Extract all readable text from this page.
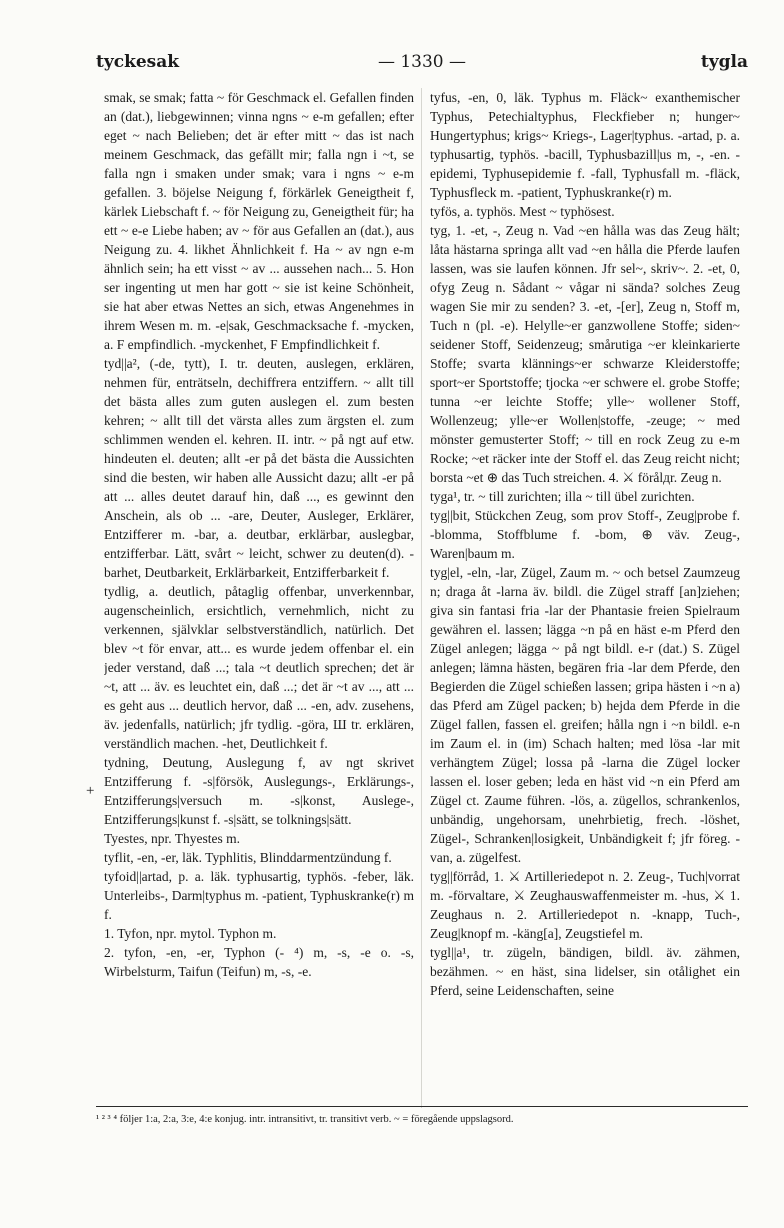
tyckesak	— 1330 —	tygla

smak, se smak; fatta ~ för Geschmack el. Gefallen finden an (dat.), liebgewinnen; vinna ngns ~ e-m gefallen; efter eget ~ nach Belieben; det är efter mitt ~ das ist nach meinem Geschmack, das gefällt mir; falla ngn i ~t, se falla ngn i smaken under smak; vara i ngns ~ e-m gefallen. 3. böjelse Neigung f, förkärlek Geneigtheit f, kärlek Liebschaft f. ~ för Neigung zu, Geneigtheit für; ha ett ~ e-e Liebe haben; av ~ för aus Gefallen an (dat.), aus Neigung zu. 4. likhet Ähnlichkeit f. Ha ~ av ngn e-m ähnlich sein; ha ett visst ~ av ... aussehen nach... 5. Hon ser ingenting ut men har gott ~ sie ist keine Schönheit, sie hat aber etwas Nettes an sich, etwas Angenehmes in ihrem Wesen m. m. -e|sak, Geschmacksache f. -mycken, a. F empfindlich. -myckenhet, F Empfindlichkeit f.

tyd||a², (-de, tytt), I. tr. deuten, auslegen, erklären, nehmen für, enträtseln, dechiffrera entziffern. ~ allt till det bästa alles zum guten auslegen el. zum besten kehren; ~ allt till det värsta alles zum ärgsten el. zum schlimmen wenden el. kehren. II. intr. ~ på ngt auf etw. hindeuten el. deuten; allt -er på det bästa die Aussichten sind die besten, wir haben alle Aussicht dazu; allt -er på att ... alles deutet darauf hin, daß ..., es gewinnt den Anschein, als ob ... -are, Deuter, Ausleger, Erklärer, Entzifferer m. -bar, a. deutbar, erklärbar, auslegbar, entzifferbar. Lätt, svårt ~ leicht, schwer zu deuten(d). -barhet, Deutbarkeit, Erklärbarkeit, Entzifferbarkeit f.

tydlig, a. deutlich, påtaglig offenbar, unverkennbar, augenscheinlich, ersichtlich, vernehmlich, nicht zu verkennen, självklar selbstverständlich, natürlich. Det blev ~t för envar, att... es wurde jedem offenbar el. ein jeder verstand, daß ...; tala ~t deutlich sprechen; det är ~t, att ... äv. es leuchtet ein, daß ...; det är ~t av ..., att ... es geht aus ... deutlich hervor, daß ... -en, adv. zusehens, äv. jedenfalls, natürlich; jfr tydlig. -göra, Ш tr. erklären, verständlich machen. -het, Deutlichkeit f.

tydning, Deutung, Auslegung f, av ngt skrivet Entzifferung f. -s|försök, Auslegungs-, Erklärungs-, Entzifferungs|versuch m. -s|konst, Auslege-, Entzifferungs|kunst f. -s|sätt, se tolknings|sätt.

Tyestes, npr. Thyestes m.

tyflit, -en, -er, läk. Typhlitis, Blinddarmentzündung f.

tyfoid||artad, p. a. läk. typhusartig, typhös. -feber, läk. Unterleibs-, Darm|typhus m. -patient, Typhuskranke(r) m f.

1. Tyfon, npr. mytol. Typhon m.

2. tyfon, -en, -er, Typhon (- ⁴) m, -s, -e o. -s, Wirbelsturm, Taifun (Teifun) m, -s, -e.

+

tyfus, -en, 0, läk. Typhus m. Fläck~ exanthemischer Typhus, Petechialtyphus, Fleckfieber n; hunger~ Hungertyphus; krigs~ Kriegs-, Lager|typhus. -artad, p. a. typhusartig, typhös. -bacill, Typhusbazill|us m, -, -en. -epidemi, Typhusepidemie f. -fall, Typhusfall m. -fläck, Typhusfleck m. -patient, Typhuskranke(r) m.

tyfös, a. typhös. Mest ~ typhösest.

tyg, 1. -et, -, Zeug n. Vad ~en hålla was das Zeug hält; låta hästarna springa allt vad ~en hålla die Pferde laufen lassen, was sie laufen können. Jfr sel~, skriv~. 2. -et, 0, ofyg Zeug n. Sådant ~ vågar ni sända? solches Zeug wagen Sie mir zu senden? 3. -et, -[er], Zeug n, Stoff m, Tuch n (pl. -e). Helylle~er ganzwollene Stoffe; siden~ seidener Stoff, Seidenzeug; smårutiga ~er kleinkarierte Stoffe; svarta klännings~er schwarze Kleiderstoffe; sport~er Sportstoffe; tjocka ~er schwere el. grobe Stoffe; tunna ~er leichte Stoffe; ylle~ wollener Stoff, Wollenzeug; ylle~er Wollen|stoffe, -zeuge; ~ med mönster gemusterter Stoff; ~ till en rock Zeug zu e-m Rocke; ~et räcker inte der Stoff el. das Zeug reicht nicht; borsta ~et ⊕ das Tuch streichen. 4. ⚔ förålдr. Zeug n.

tyga¹, tr. ~ till zurichten; illa ~ till übel zurichten.

tyg||bit, Stückchen Zeug, som prov Stoff-, Zeug|probe f. -blomma, Stoffblume f. -bom, ⊕ väv. Zeug-, Waren|baum m.

tyg|el, -eln, -lar, Zügel, Zaum m. ~ och betsel Zaumzeug n; draga åt -larna äv. bildl. die Zügel straff [an]ziehen; giva sin fantasi fria -lar der Phantasie freien Spielraum gewähren el. lassen; lägga ~n på en häst e-m Pferd den Zügel anlegen; lägga ~ på ngt bildl. e-r (dat.) S. Zügel anlegen; lämna hästen, begären fria -lar dem Pferde, den Begierden die Zügel schießen lassen; gripa hästen i ~n a) das Pferd am Zügel packen; b) hejda dem Pferde in die Zügel fallen, fassen el. greifen; hålla ngn i ~n bildl. e-n im Zaum el. in (im) Schach halten; med lösa -lar mit verhängtem Zügel; lossa på -larna die Zügel locker lassen el. loser geben; leda en häst vid ~n ein Pferd am Zügel ct. Zaume führen. -lös, a. zügellos, schrankenlos, unbändig, ungehorsam, unehrbietig, frech. -löshet, Zügel-, Schranken|losigkeit, Unbändigkeit f; jfr föreg. -van, a. zügelfest.

tyg||förråd, 1. ⚔ Artilleriedepot n. 2. Zeug-, Tuch|vorrat m. -förvaltare, ⚔ Zeughauswaffenmeister m. -hus, ⚔ 1. Zeughaus n. 2. Artilleriedepot n. -knapp, Tuch-, Zeug|knopf m. -käng[a], Zeugstiefel m.

tygl||a¹, tr. zügeln, bändigen, bildl. äv. zähmen, bezähmen. ~ en häst, sina lidelser, sin otålighet ein Pferd, seine Leidenschaften, seine

¹ ² ³ ⁴ följer 1:a, 2:a, 3:e, 4:e konjug. intr. intransitivt, tr. transitivt verb. ~ = föregående uppslagsord.
